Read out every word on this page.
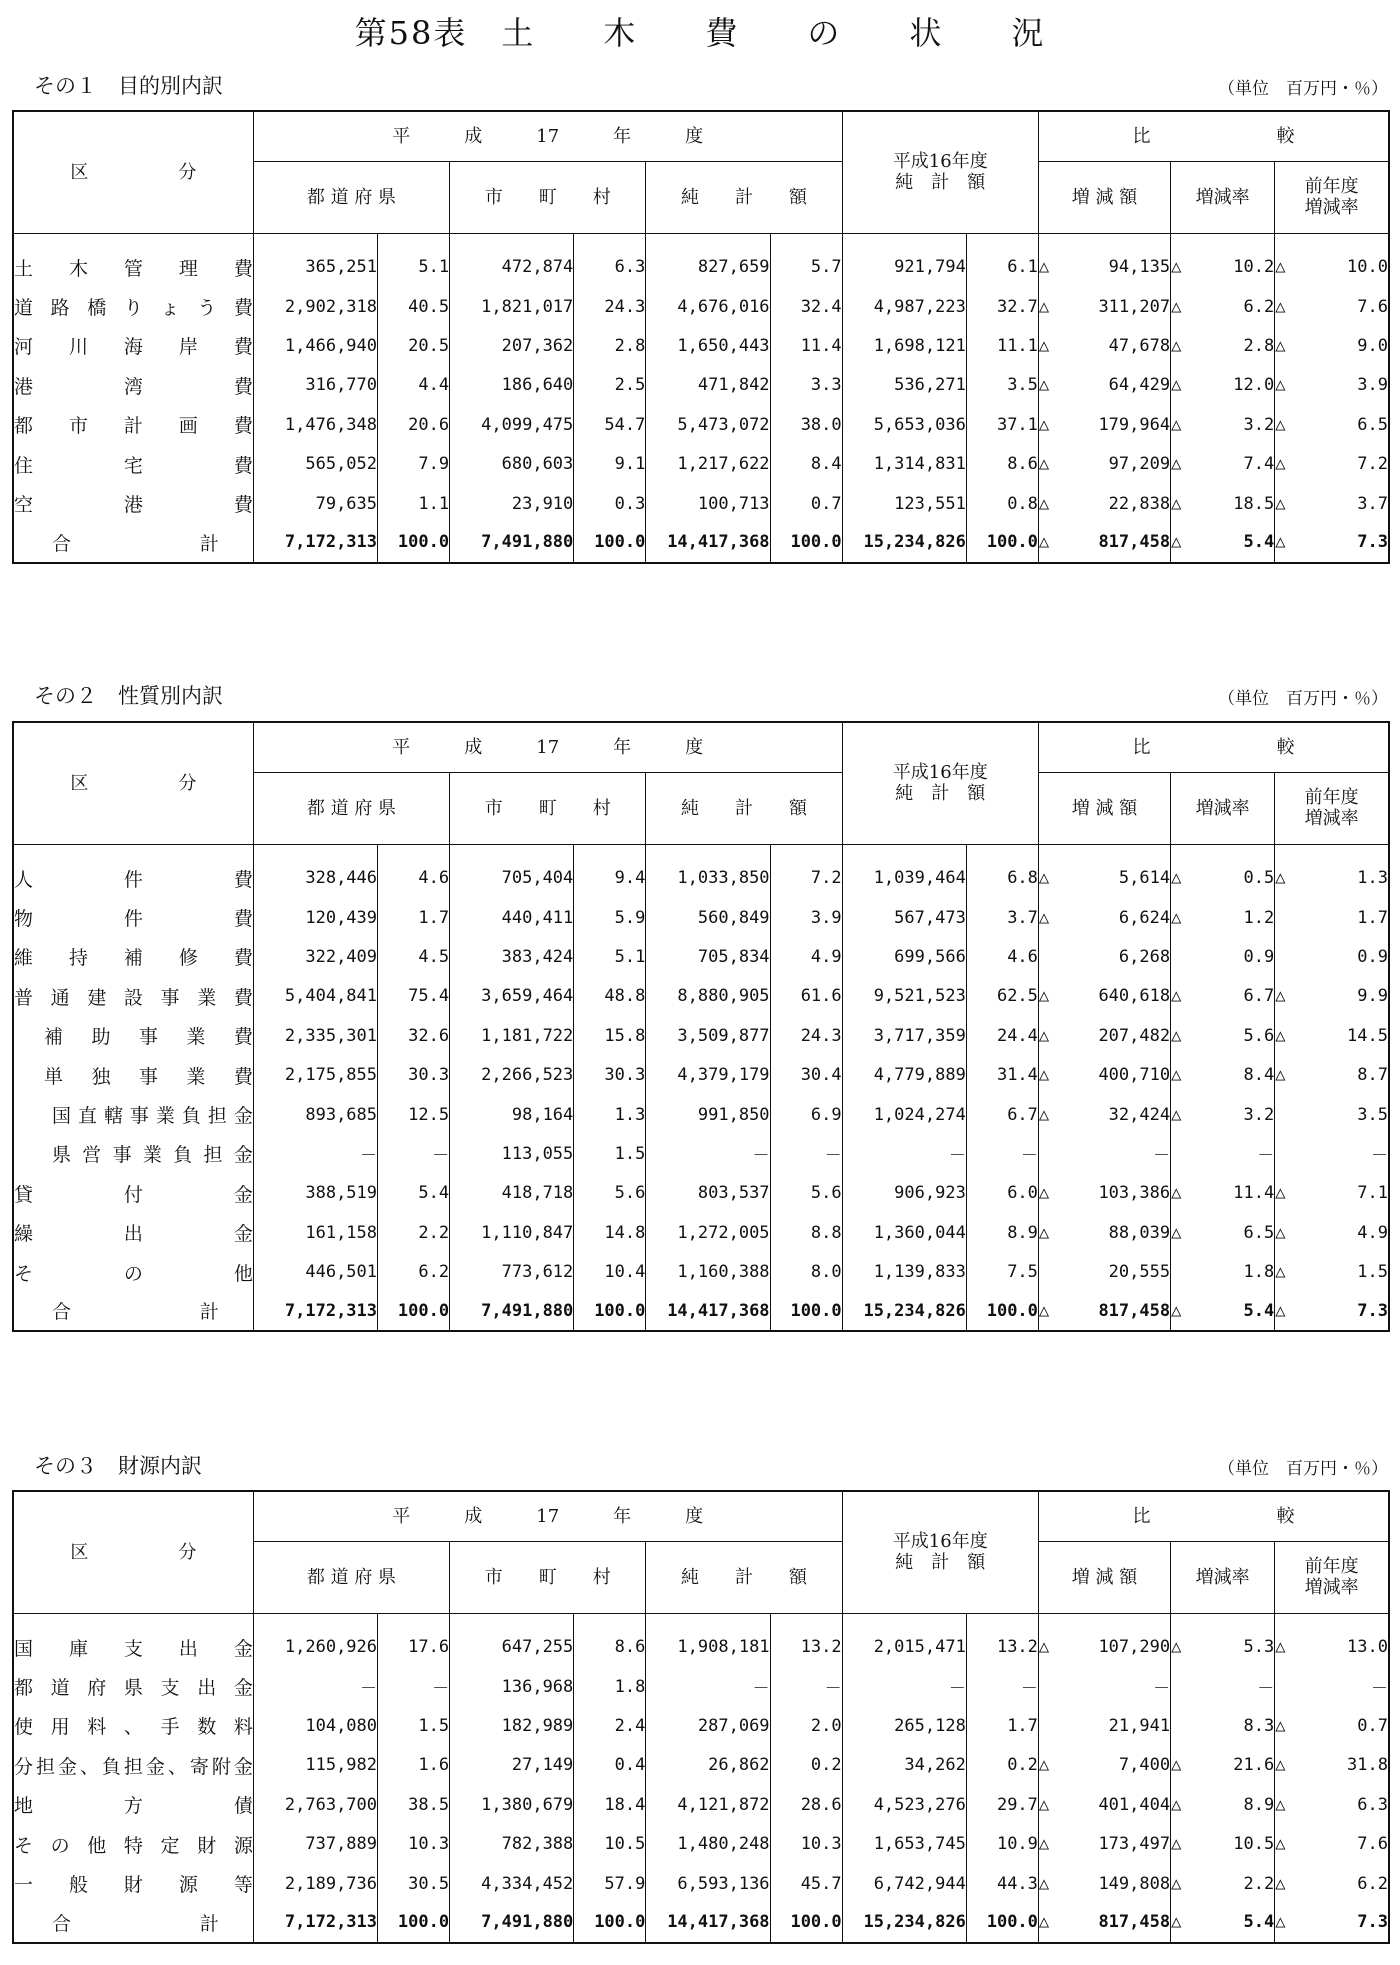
第58表　土　　木　　費　　の　　状　　況
その１　目的別内訳	（単位　百万円・％）
区　　　　　分	平　　　成　　　17　　　年　　　度						平成16年度
純　計　額		比　　　　　　　較		
	都 道 府 県		市　　町　　村		純　　計　　額				増 減 額	増減率	前年度
増減率

土木管理費	365,251	5.1	472,874	6.3	827,659	5.7	921,794	6.1	△ 94,135	△ 10.2	△ 10.0

道路橋りょう費	2,902,318	40.5	1,821,017	24.3	4,676,016	32.4	4,987,223	32.7	△ 311,207	△ 6.2	△ 7.6

河川海岸費	1,466,940	20.5	207,362	2.8	1,650,443	11.4	1,698,121	11.1	△ 47,678	△ 2.8	△ 9.0

港湾費	316,770	4.4	186,640	2.5	471,842	3.3	536,271	3.5	△ 64,429	△ 12.0	△ 3.9

都市計画費	1,476,348	20.6	4,099,475	54.7	5,473,072	38.0	5,653,036	37.1	△ 179,964	△ 3.2	△ 6.5

住宅費	565,052	7.9	680,603	9.1	1,217,622	8.4	1,314,831	8.6	△ 97,209	△ 7.4	△ 7.2

空港費	79,635	1.1	23,910	0.3	100,713	0.7	123,551	0.8	△ 22,838	△ 18.5	△ 3.7

合計	7,172,313	100.0	7,491,880	100.0	14,417,368	100.0	15,234,826	100.0	△ 817,458	△ 5.4	△ 7.3
その２　性質別内訳	（単位　百万円・％）
区　　　　　分	平　　　成　　　17　　　年　　　度						平成16年度
純　計　額		比　　　　　　　較		
	都 道 府 県		市　　町　　村		純　　計　　額				増 減 額	増減率	前年度
増減率

人件費	328,446	4.6	705,404	9.4	1,033,850	7.2	1,039,464	6.8	△ 5,614	△ 0.5	△ 1.3

物件費	120,439	1.7	440,411	5.9	560,849	3.9	567,473	3.7	△ 6,624	△ 1.2	1.7

維持補修費	322,409	4.5	383,424	5.1	705,834	4.9	699,566	4.6	6,268	0.9	0.9

普通建設事業費	5,404,841	75.4	3,659,464	48.8	8,880,905	61.6	9,521,523	62.5	△ 640,618	△ 6.7	△ 9.9

補助事業費	2,335,301	32.6	1,181,722	15.8	3,509,877	24.3	3,717,359	24.4	△ 207,482	△ 5.6	△ 14.5

単独事業費	2,175,855	30.3	2,266,523	30.3	4,379,179	30.4	4,779,889	31.4	△ 400,710	△ 8.4	△ 8.7

国直轄事業負担金	893,685	12.5	98,164	1.3	991,850	6.9	1,024,274	6.7	△ 32,424	△ 3.2	3.5

県営事業負担金	－	－	113,055	1.5	－	－	－	－	－	－	－

貸付金	388,519	5.4	418,718	5.6	803,537	5.6	906,923	6.0	△ 103,386	△ 11.4	△ 7.1

繰出金	161,158	2.2	1,110,847	14.8	1,272,005	8.8	1,360,044	8.9	△ 88,039	△ 6.5	△ 4.9

その他	446,501	6.2	773,612	10.4	1,160,388	8.0	1,139,833	7.5	20,555	1.8	△ 1.5

合計	7,172,313	100.0	7,491,880	100.0	14,417,368	100.0	15,234,826	100.0	△ 817,458	△ 5.4	△ 7.3
その３　財源内訳	（単位　百万円・％）
区　　　　　分	平　　　成　　　17　　　年　　　度						平成16年度
純　計　額		比　　　　　　　較		
	都 道 府 県		市　　町　　村		純　　計　　額				増 減 額	増減率	前年度
増減率

国庫支出金	1,260,926	17.6	647,255	8.6	1,908,181	13.2	2,015,471	13.2	△ 107,290	△ 5.3	△ 13.0

都道府県支出金	－	－	136,968	1.8	－	－	－	－	－	－	－

使用料、手数料	104,080	1.5	182,989	2.4	287,069	2.0	265,128	1.7	21,941	8.3	△ 0.7

分担金、負担金、寄附金	115,982	1.6	27,149	0.4	26,862	0.2	34,262	0.2	△ 7,400	△ 21.6	△ 31.8

地方債	2,763,700	38.5	1,380,679	18.4	4,121,872	28.6	4,523,276	29.7	△ 401,404	△ 8.9	△ 6.3

その他特定財源	737,889	10.3	782,388	10.5	1,480,248	10.3	1,653,745	10.9	△ 173,497	△ 10.5	△ 7.6

一般財源等	2,189,736	30.5	4,334,452	57.9	6,593,136	45.7	6,742,944	44.3	△ 149,808	△ 2.2	△ 6.2

合計	7,172,313	100.0	7,491,880	100.0	14,417,368	100.0	15,234,826	100.0	△ 817,458	△ 5.4	△ 7.3
